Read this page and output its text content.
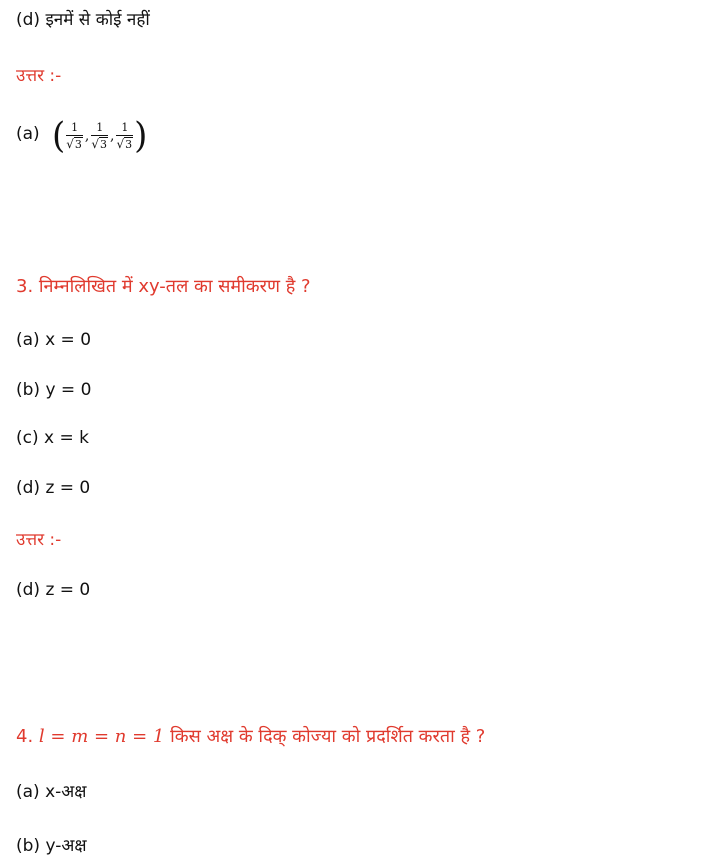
(d) इनमें से कोई नहीं
उत्तर :-
(a) ( $\frac{1}{√ 3}$ , $\frac{1}{√ 3}$ , $\frac{1}{√ 3}$ )
3. निम्नलिखित में xy-तल का समीकरण है ?
(a) x = 0
(b) y = 0
(c) x = k
(d) z = 0
उत्तर :-
(d) z = 0
4. l = m = n = 1 किस अक्ष के दिक् कोज्या को प्रदर्शित करता है ?
(a) x-अक्ष
(b) y-अक्ष
